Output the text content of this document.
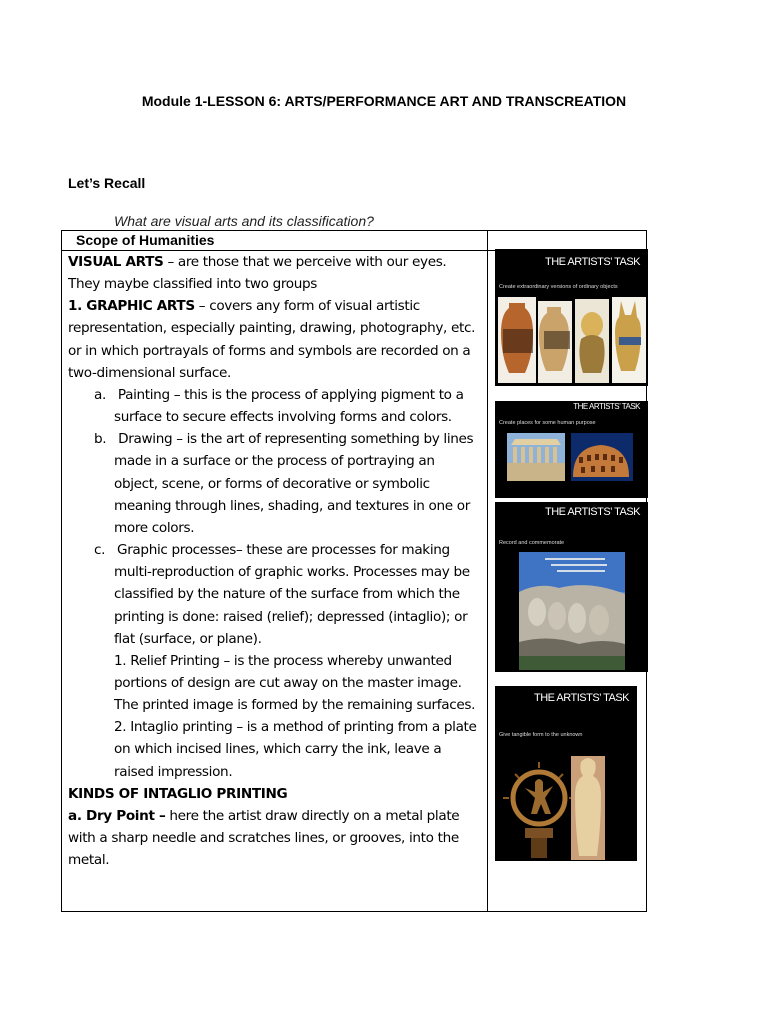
Module 1-LESSON 6: ARTS/PERFORMANCE ART AND TRANSCREATION
Let’s Recall
What are visual arts and its classification?
Scope of Humanities

VISUAL ARTS – are those that we perceive with our eyes. They maybe classified into two groups

1. GRAPHIC ARTS – covers any form of visual artistic representation, especially painting, drawing, photography, etc. or in which portrayals of forms and symbols are recorded on a two-dimensional surface.

a.   Painting – this is the process of applying pigment to a surface to secure effects involving forms and colors.

b.   Drawing – is the art of representing something by lines made in a surface or the process of portraying an object, scene, or forms of decorative or symbolic meaning through lines, shading, and textures in one or more colors.

c.   Graphic processes– these are processes for making multi-reproduction of graphic works. Processes may be classified by the nature of the surface from which the printing is done: raised (relief); depressed (intaglio); or flat (surface, or plane).

1. Relief Printing – is the process whereby unwanted portions of design are cut away on the master image. The printed image is formed by the remaining surfaces.

2. Intaglio printing – is a method of printing from a plate on which incised lines, which carry the ink, leave a raised impression.

KINDS OF INTAGLIO PRINTING

a. Dry Point – here the artist draw directly on a metal plate with a sharp needle and scratches lines, or grooves, into the metal.

THE ARTISTS’ TASK
Create extraordinary versions of ordinary objects
THE ARTISTS’ TASK
Create places for some human purpose
THE ARTISTS’ TASK
Record and commemorate
THE ARTISTS’ TASK
Give tangible form to the unknown
